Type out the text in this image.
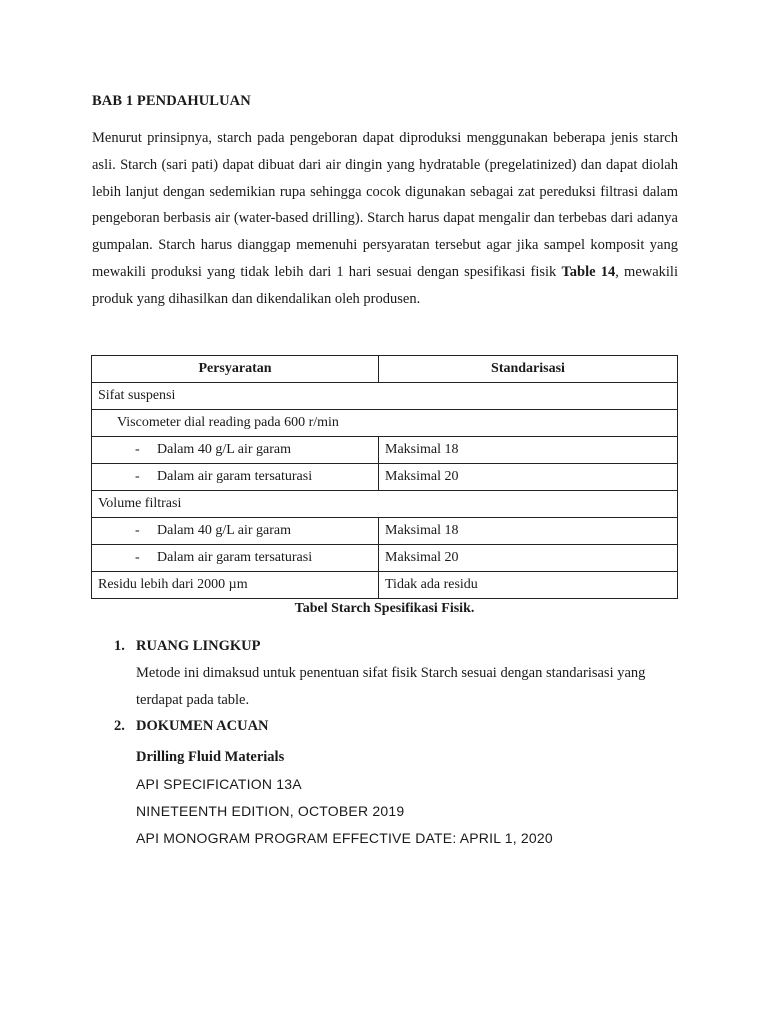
BAB 1 PENDAHULUAN
Menurut prinsipnya, starch pada pengeboran dapat diproduksi menggunakan beberapa jenis starch asli. Starch (sari pati) dapat dibuat dari air dingin yang hydratable (pregelatinized) dan dapat diolah lebih lanjut dengan sedemikian rupa sehingga cocok digunakan sebagai zat pereduksi filtrasi dalam pengeboran berbasis air (water-based drilling). Starch harus dapat mengalir dan terbebas dari adanya gumpalan. Starch harus dianggap memenuhi persyaratan tersebut agar jika sampel komposit yang mewakili produksi yang tidak lebih dari 1 hari sesuai dengan spesifikasi fisik Table 14, mewakili produk yang dihasilkan dan dikendalikan oleh produsen.
Persyaratan	Standarisasi
Sifat suspensi	
Viscometer dial reading pada 600 r/min	
- Dalam 40 g/L air garam	Maksimal 18
- Dalam air garam tersaturasi	Maksimal 20
Volume filtrasi	
- Dalam 40 g/L air garam	Maksimal 18
- Dalam air garam tersaturasi	Maksimal 20
Residu lebih dari 2000 µm	Tidak ada residu
Tabel Starch Spesifikasi Fisik.
1. RUANG LINGKUP
Metode ini dimaksud untuk penentuan sifat fisik Starch sesuai dengan standarisasi yang terdapat pada table.
2. DOKUMEN ACUAN
Drilling Fluid Materials
API SPECIFICATION 13A
NINETEENTH EDITION, OCTOBER 2019
API MONOGRAM PROGRAM EFFECTIVE DATE: APRIL 1, 2020
